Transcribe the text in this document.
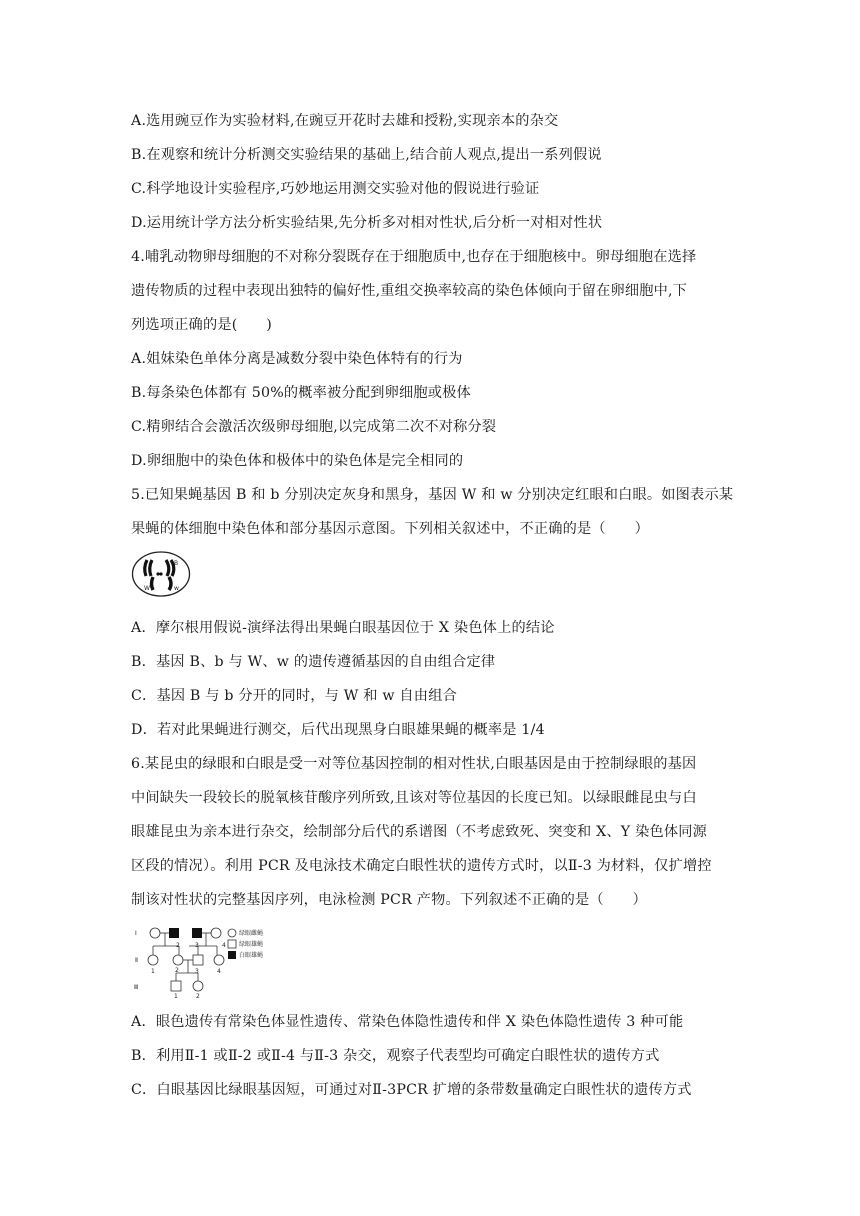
A.选用豌豆作为实验材料,在豌豆开花时去雄和授粉,实现亲本的杂交
B.在观察和统计分析测交实验结果的基础上,结合前人观点,提出一系列假说
C.科学地设计实验程序,巧妙地运用测交实验对他的假说进行验证
D.运用统计学方法分析实验结果,先分析多对相对性状,后分析一对相对性状
4.哺乳动物卵母细胞的不对称分裂既存在于细胞质中,也存在于细胞核中。卵母细胞在选择
遗传物质的过程中表现出独特的偏好性,重组交换率较高的染色体倾向于留在卵细胞中,下
列选项正确的是(　　)
A.姐妹染色单体分离是减数分裂中染色体特有的行为
B.每条染色体都有 50%的概率被分配到卵细胞或极体
C.精卵结合会激活次级卵母细胞,以完成第二次不对称分裂
D.卵细胞中的染色体和极体中的染色体是完全相同的
5.已知果蝇基因 B 和 b 分别决定灰身和黑身，基因 W 和 w 分别决定红眼和白眼。如图表示某
果蝇的体细胞中染色体和部分基因示意图。下列相关叙述中，不正确的是（　　）
B
W	w
A．摩尔根用假说-演绎法得出果蝇白眼基因位于 X 染色体上的结论
B．基因 B、b 与 W、w 的遗传遵循基因的自由组合定律
C．基因 B 与 b 分开的同时，与 W 和 w 自由组合
D．若对此果蝇进行测交，后代出现黑身白眼雄果蝇的概率是 1/4
6.某昆虫的绿眼和白眼是受一对等位基因控制的相对性状,白眼基因是由于控制绿眼的基因
中间缺失一段较长的脱氧核苷酸序列所致,且该对等位基因的长度已知。以绿眼雌昆虫与白
眼雄昆虫为亲本进行杂交，绘制部分后代的系谱图（不考虑致死、突变和 X、Y 染色体同源
区段的情况）。利用 PCR 及电泳技术确定白眼性状的遗传方式时，以Ⅱ-3 为材料，仅扩增控
制该对性状的完整基因序列，电泳检测 PCR 产物。下列叙述不正确的是（　　）
Ⅰ
Ⅱ
Ⅲ
2	3	4
1	2	3	4
1	2
绿眼雌蝇
绿眼雄蝇
白眼雄蝇
A．眼色遗传有常染色体显性遗传、常染色体隐性遗传和伴 X 染色体隐性遗传 3 种可能
B．利用Ⅱ-1 或Ⅱ-2 或Ⅱ-4 与Ⅱ-3 杂交，观察子代表型均可确定白眼性状的遗传方式
C．白眼基因比绿眼基因短，可通过对Ⅱ-3PCR 扩增的条带数量确定白眼性状的遗传方式
